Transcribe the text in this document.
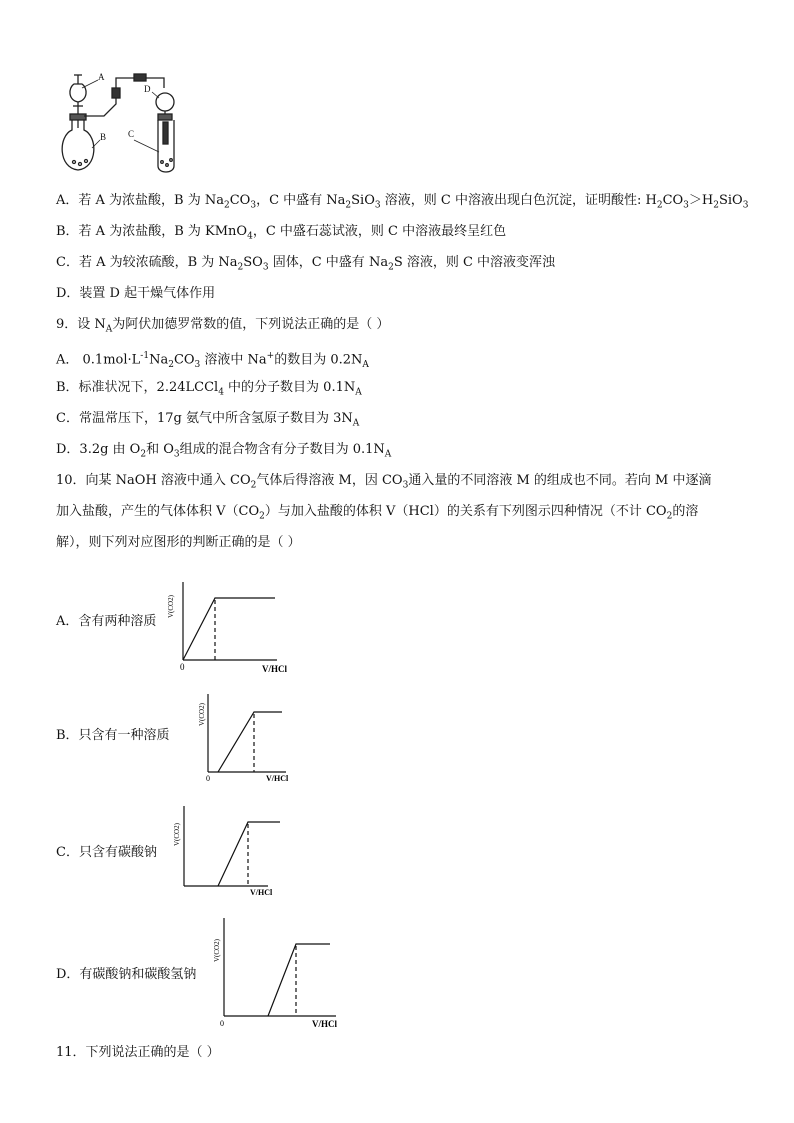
A
B C
D
A．若 A 为浓盐酸，B 为 $Na_2CO_3$，C 中盛有 $Na_2SiO_3$ 溶液，则 C 中溶液出现白色沉淀，证明酸性: $H_2CO_3>H_2SiO_3$
B．若 A 为浓盐酸，B 为 KMnO$_4$，C 中盛石蕊试液，则 C 中溶液最终呈红色
C．若 A 为较浓硫酸，B 为 $Na_2SO_3$ 固体，C 中盛有 $Na_2S$ 溶液，则 C 中溶液变浑浊
D．装置 D 起干燥气体作用
9．设 $N_A$为阿伏加德罗常数的值，下列说法正确的是（ ）
A． $0.1mol\cdot L^{-1}Na_2CO_3$ 溶液中 Na+的数目为 $0.2N_A$
B．标准状况下，2.24LCCl$_4$ 中的分子数目为 $0.1N_A$
C．常温常压下，17g 氨气中所含氢原子数目为 $3N_A$
D．3.2g 由 $O_2$和 $O_3$组成的混合物含有分子数目为 $0.1N_A$
10．向某 NaOH 溶液中通入 $CO_2$气体后得溶液 M，因 $CO_3$通入量的不同溶液 M 的组成也不同。若向 M 中逐滴
加入盐酸，产生的气体体积 $V(CO_2)$与加入盐酸的体积 V（HCl）的关系有下列图示四种情况（不计 $CO_2$的溶
解），则下列对应图形的判断正确的是（ ）
A．含有两种溶质
V(CO2)
0	V/HCl
B．只含有一种溶质
V(CO2)
0	V/HCl
C．只含有碳酸钠
V(CO2)
V/HCl
D．有碳酸钠和碳酸氢钠
V(CO2)
0	V/HCl
11．下列说法正确的是（ ）
